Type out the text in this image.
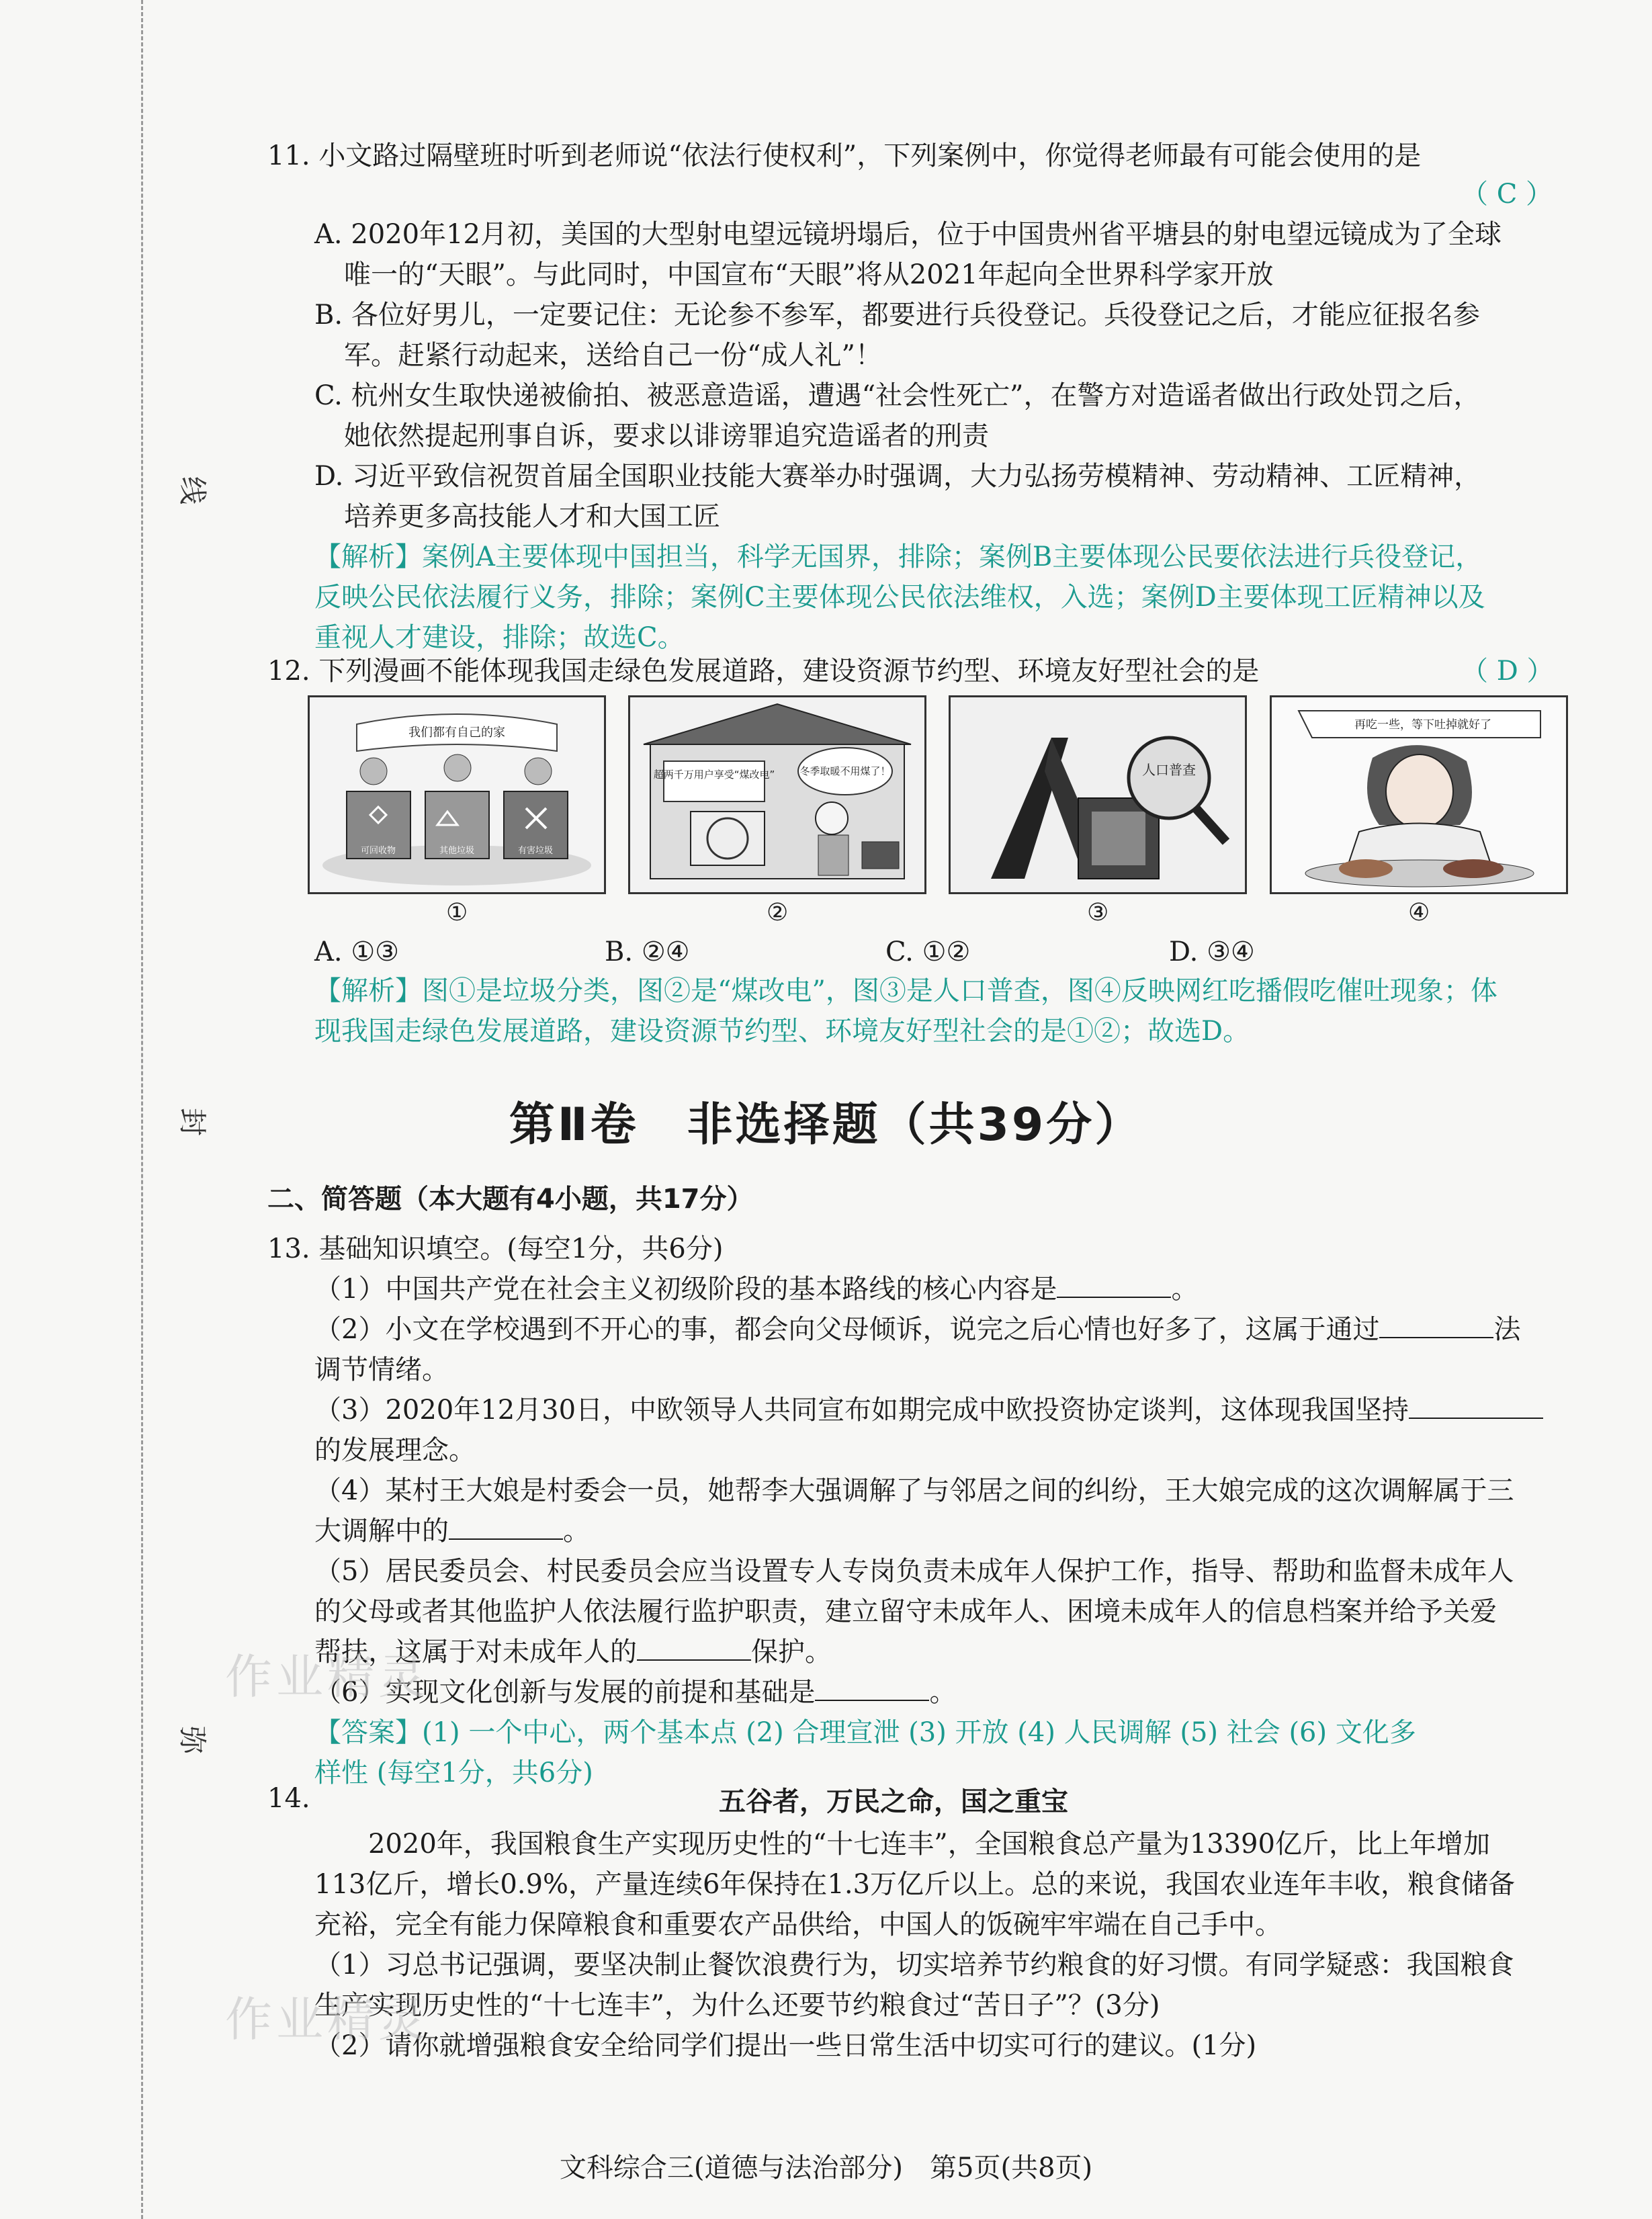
线
封
弥
11. 小文路过隔壁班时听到老师说“依法行使权利”，下列案例中，你觉得老师最有可能会使用的是
（ C ）
A. 2020年12月初，美国的大型射电望远镜坍塌后，位于中国贵州省平塘县的射电望远镜成为了全球
唯一的“天眼”。与此同时，中国宣布“天眼”将从2021年起向全世界科学家开放
B. 各位好男儿，一定要记住：无论参不参军，都要进行兵役登记。兵役登记之后，才能应征报名参
军。赶紧行动起来，送给自己一份“成人礼”！
C. 杭州女生取快递被偷拍、被恶意造谣，遭遇“社会性死亡”，在警方对造谣者做出行政处罚之后，
她依然提起刑事自诉，要求以诽谤罪追究造谣者的刑责
D. 习近平致信祝贺首届全国职业技能大赛举办时强调，大力弘扬劳模精神、劳动精神、工匠精神，
培养更多高技能人才和大国工匠
【解析】案例A主要体现中国担当，科学无国界，排除；案例B主要体现公民要依法进行兵役登记，
反映公民依法履行义务，排除；案例C主要体现公民依法维权，入选；案例D主要体现工匠精神以及
重视人才建设，排除；故选C。
12. 下列漫画不能体现我国走绿色发展道路，建设资源节约型、环境友好型社会的是	（ D ）
我们都有自己的家
可回收物	其他垃圾	有害垃圾
超两千万用户享受“煤改电” 冬季取暖不用煤了！	人口普查
再吃一些，等下吐掉就好了
①	②	③	④
A. ①③	B. ②④	C. ①②	D. ③④
【解析】图①是垃圾分类，图②是“煤改电”，图③是人口普查，图④反映网红吃播假吃催吐现象；体
现我国走绿色发展道路，建设资源节约型、环境友好型社会的是①②；故选D。
第Ⅱ卷　非选择题（共39分）
二、简答题（本大题有4小题，共17分）
13. 基础知识填空。(每空1分，共6分)
（1）中国共产党在社会主义初级阶段的基本路线的核心内容是	。
（2）小文在学校遇到不开心的事，都会向父母倾诉，说完之后心情也好多了，这属于通过	法
调节情绪。
（3）2020年12月30日，中欧领导人共同宣布如期完成中欧投资协定谈判，这体现我国坚持
的发展理念。
（4）某村王大娘是村委会一员，她帮李大强调解了与邻居之间的纠纷，王大娘完成的这次调解属于三
大调解中的	。
（5）居民委员会、村民委员会应当设置专人专岗负责未成年人保护工作，指导、帮助和监督未成年人
的父母或者其他监护人依法履行监护职责，建立留守未成年人、困境未成年人的信息档案并给予关爱
帮扶，这属于对未成年人的	保护。
（6）实现文化创新与发展的前提和基础是	。
【答案】(1) 一个中心，两个基本点 (2) 合理宣泄 (3) 开放 (4) 人民调解 (5) 社会 (6) 文化多
样性 (每空1分，共6分)
14.	五谷者，万民之命，国之重宝
2020年，我国粮食生产实现历史性的“十七连丰”，全国粮食总产量为13390亿斤，比上年增加
113亿斤，增长0.9%，产量连续6年保持在1.3万亿斤以上。总的来说，我国农业连年丰收，粮食储备
充裕，完全有能力保障粮食和重要农产品供给，中国人的饭碗牢牢端在自己手中。
（1）习总书记强调，要坚决制止餐饮浪费行为，切实培养节约粮食的好习惯。有同学疑惑：我国粮食
生产实现历史性的“十七连丰”，为什么还要节约粮食过“苦日子”？(3分)
（2）请你就增强粮食安全给同学们提出一些日常生活中切实可行的建议。(1分)
文科综合三(道德与法治部分)　第5页(共8页)
作业精灵
作业精灵
